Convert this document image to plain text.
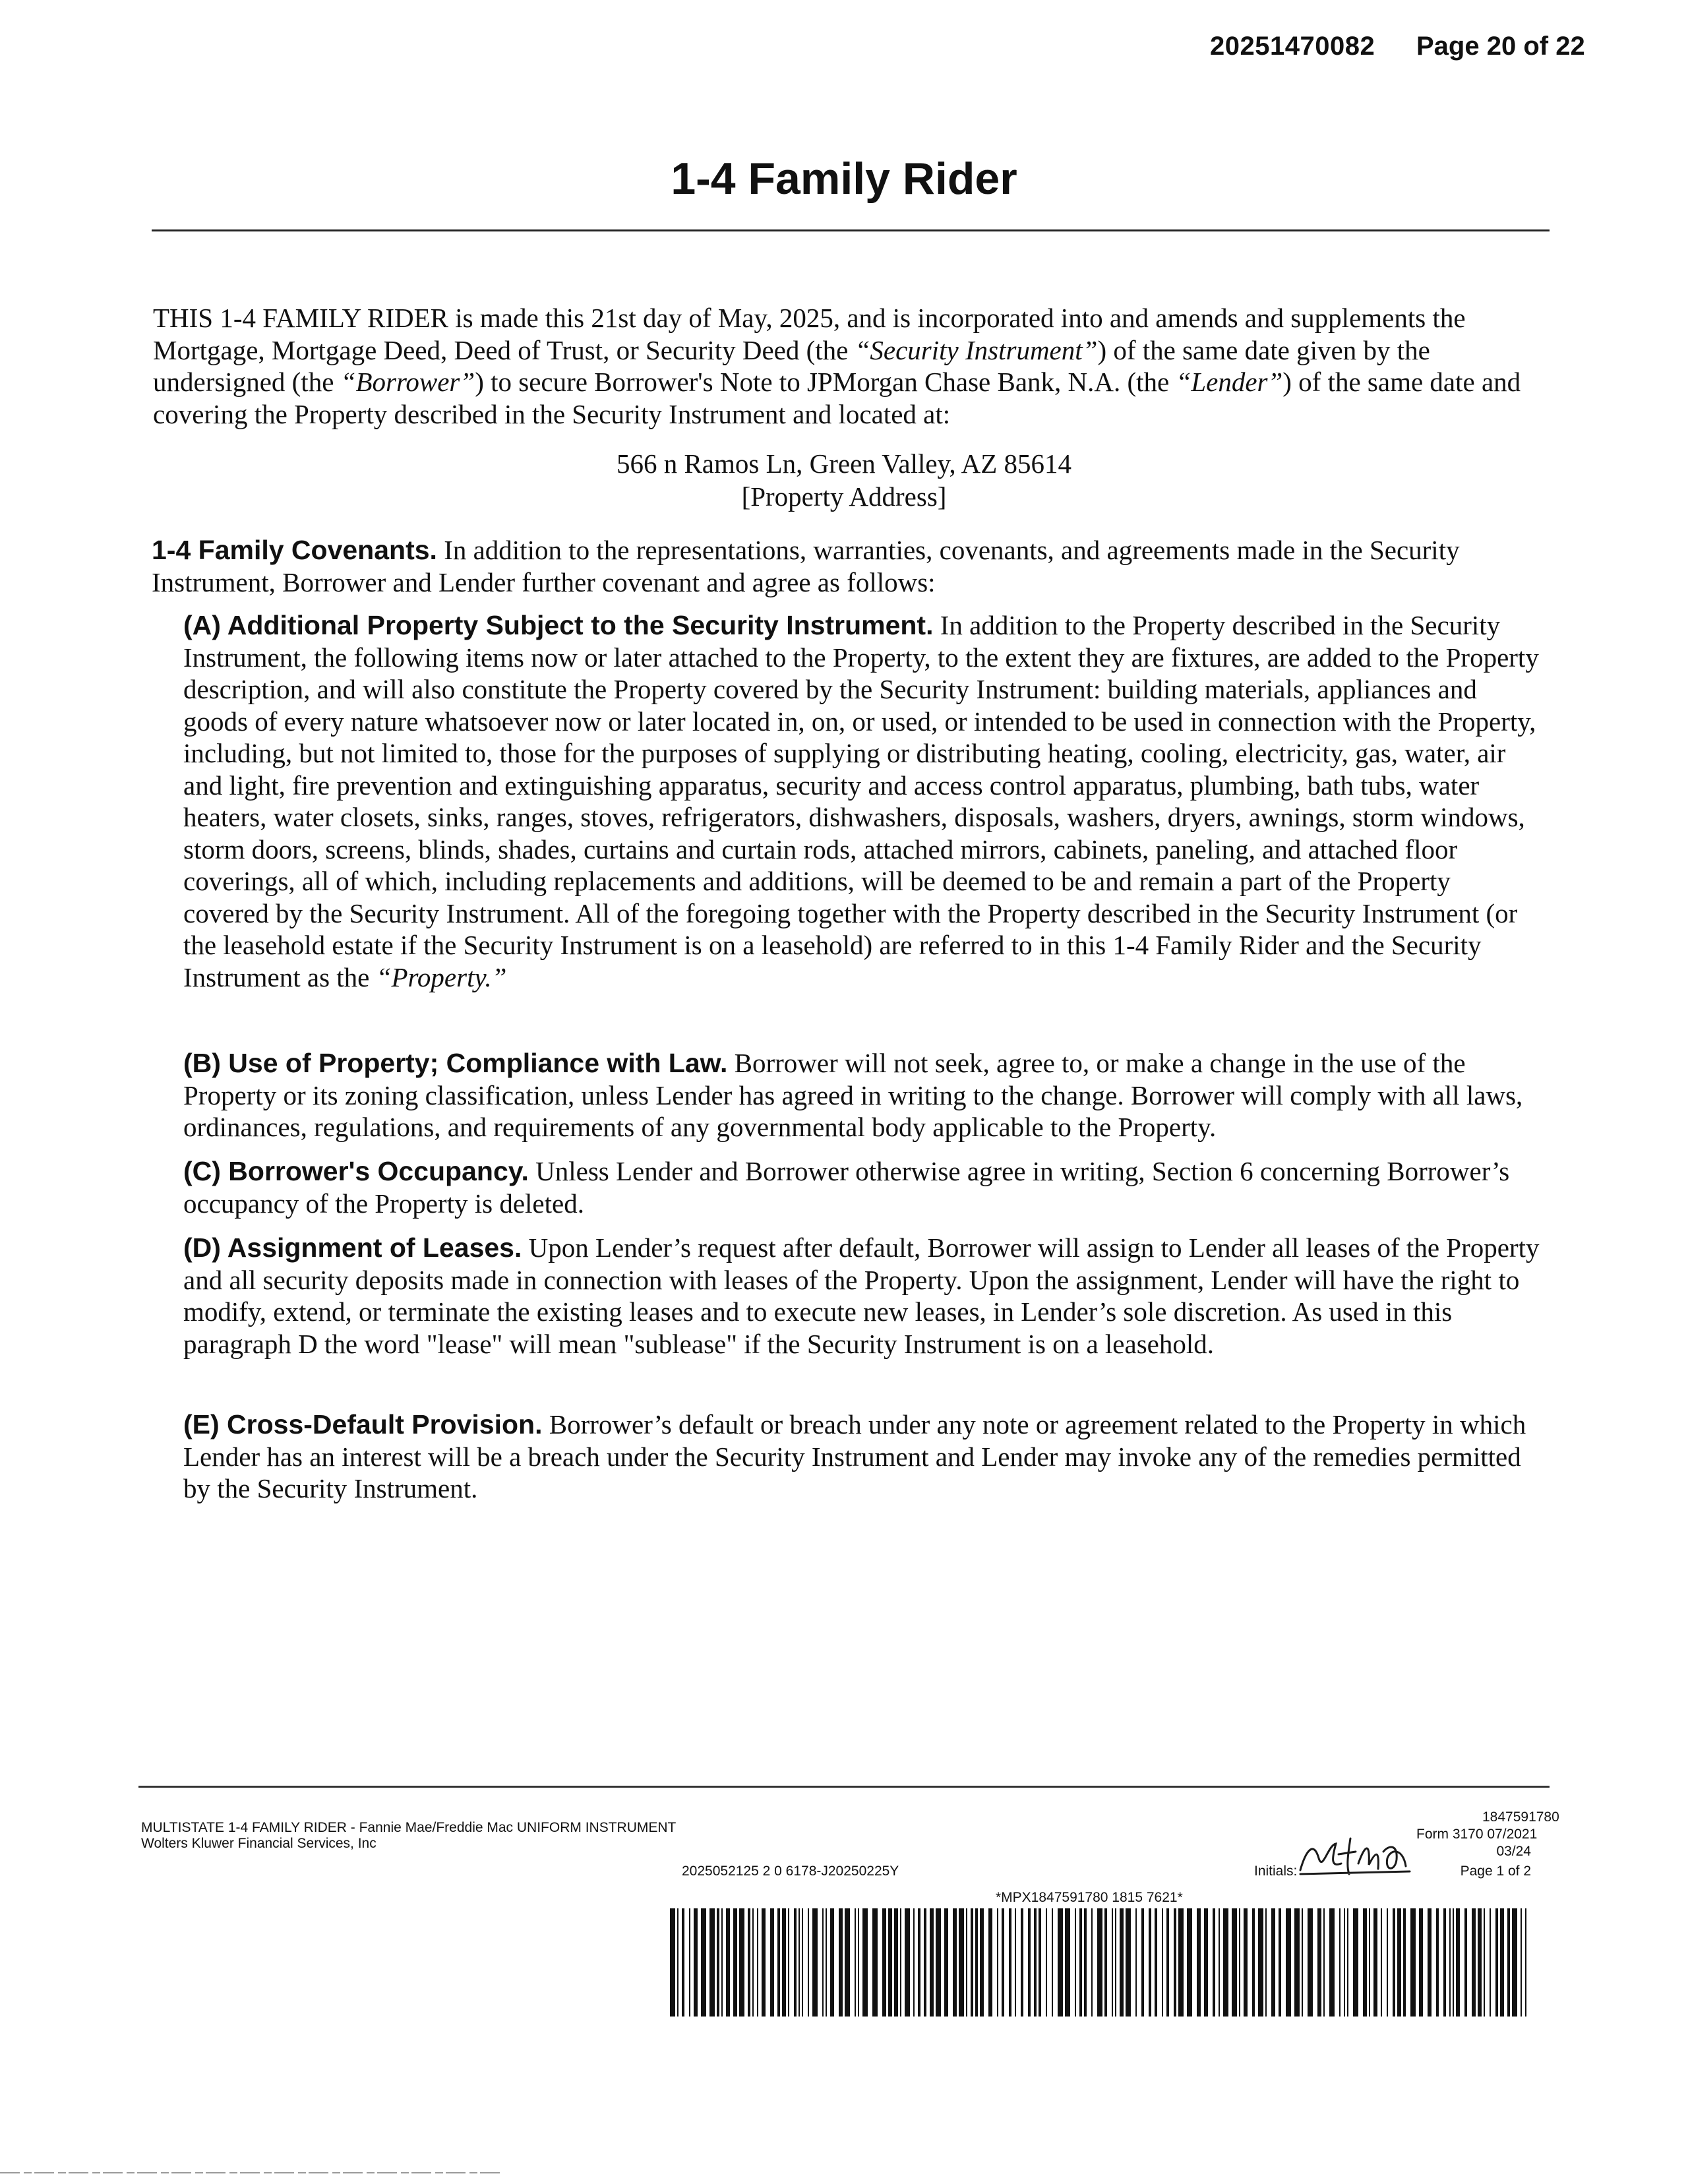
20251470082 Page 20 of 22
1-4 Family Rider
THIS 1-4 FAMILY RIDER is made this 21st day of May, 2025, and is incorporated into and amends and supplements the Mortgage, Mortgage Deed, Deed of Trust, or Security Deed (the “Security Instrument”) of the same date given by the undersigned (the “Borrower”) to secure Borrower's Note to JPMorgan Chase Bank, N.A. (the “Lender”) of the same date and covering the Property described in the Security Instrument and located at:
566 n Ramos Ln, Green Valley, AZ 85614
[Property Address]
1-4 Family Covenants. In addition to the representations, warranties, covenants, and agreements made in the Security Instrument, Borrower and Lender further covenant and agree as follows:
(A) Additional Property Subject to the Security Instrument. In addition to the Property described in the Security Instrument, the following items now or later attached to the Property, to the extent they are fixtures, are added to the Property description, and will also constitute the Property covered by the Security Instrument: building materials, appliances and goods of every nature whatsoever now or later located in, on, or used, or intended to be used in connection with the Property, including, but not limited to, those for the purposes of supplying or distributing heating, cooling, electricity, gas, water, air and light, fire prevention and extinguishing apparatus, security and access control apparatus, plumbing, bath tubs, water heaters, water closets, sinks, ranges, stoves, refrigerators, dishwashers, disposals, washers, dryers, awnings, storm windows, storm doors, screens, blinds, shades, curtains and curtain rods, attached mirrors, cabinets, paneling, and attached floor coverings, all of which, including replacements and additions, will be deemed to be and remain a part of the Property covered by the Security Instrument. All of the foregoing together with the Property described in the Security Instrument (or the leasehold estate if the Security Instrument is on a leasehold) are referred to in this 1-4 Family Rider and the Security Instrument as the “Property.”
(B) Use of Property; Compliance with Law. Borrower will not seek, agree to, or make a change in the use of the Property or its zoning classification, unless Lender has agreed in writing to the change. Borrower will comply with all laws, ordinances, regulations, and requirements of any governmental body applicable to the Property.
(C) Borrower's Occupancy. Unless Lender and Borrower otherwise agree in writing, Section 6 concerning Borrower’s occupancy of the Property is deleted.
(D) Assignment of Leases. Upon Lender’s request after default, Borrower will assign to Lender all leases of the Property and all security deposits made in connection with leases of the Property. Upon the assignment, Lender will have the right to modify, extend, or terminate the existing leases and to execute new leases, in Lender’s sole discretion. As used in this paragraph D the word "lease" will mean "sublease" if the Security Instrument is on a leasehold.
(E) Cross-Default Provision. Borrower’s default or breach under any note or agreement related to the Property in which Lender has an interest will be a breach under the Security Instrument and Lender may invoke any of the remedies permitted by the Security Instrument.
MULTISTATE 1-4 FAMILY RIDER - Fannie Mae/Freddie Mac UNIFORM INSTRUMENT
Wolters Kluwer Financial Services, Inc
2025052125 2 0 6178-J20250225Y
1847591780
Form 3170 07/2021
03/24
Initials:	Page 1 of 2
*MPX1847591780 1815 7621*
